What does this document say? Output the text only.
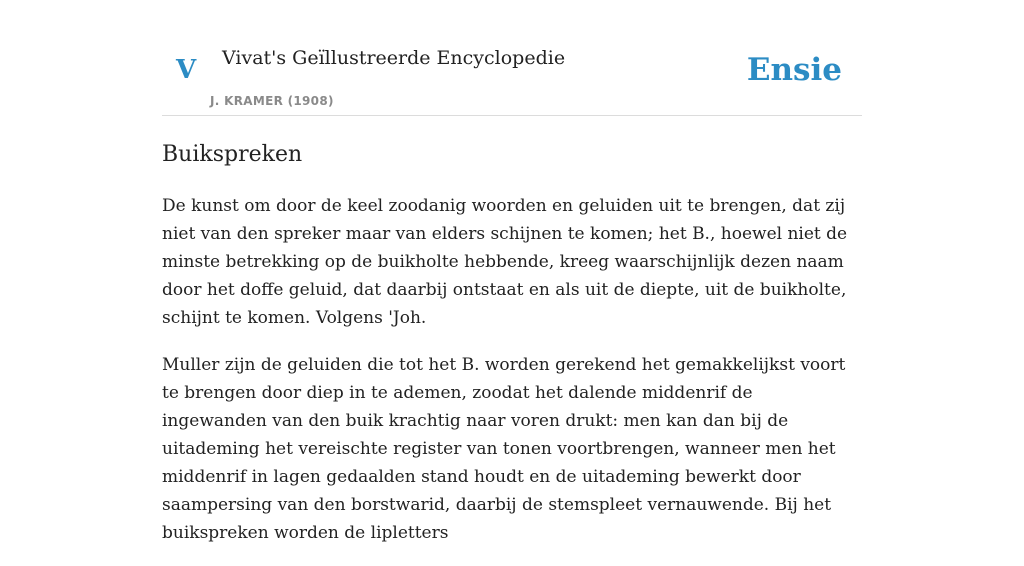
V Vivat's Geïllustreerde Encyclopedie
J. KRAMER (1908)
Ensie
Buikspreken

De kunst om door de keel zoodanig woorden en geluiden uit te brengen, dat zij niet van den spreker maar van elders schijnen te komen; het B., hoewel niet de minste betrekking op de buikholte hebbende, kreeg waarschijnlijk dezen naam door het doffe geluid, dat daarbij ontstaat en als uit de diepte, uit de buikholte, schijnt te komen. Volgens 'Joh.

Muller zijn de geluiden die tot het B. worden gerekend het gemakkelijkst voort te brengen door diep in te ademen, zoodat het dalende middenrif de ingewanden van den buik krachtig naar voren drukt: men kan dan bij de uitademing het vereischte register van tonen voortbrengen, wanneer men het middenrif in lagen gedaalden stand houdt en de uitademing bewerkt door saampersing van den borstwarid, daarbij de stemspleet vernauwende. Bij het buikspreken worden de lipletters
